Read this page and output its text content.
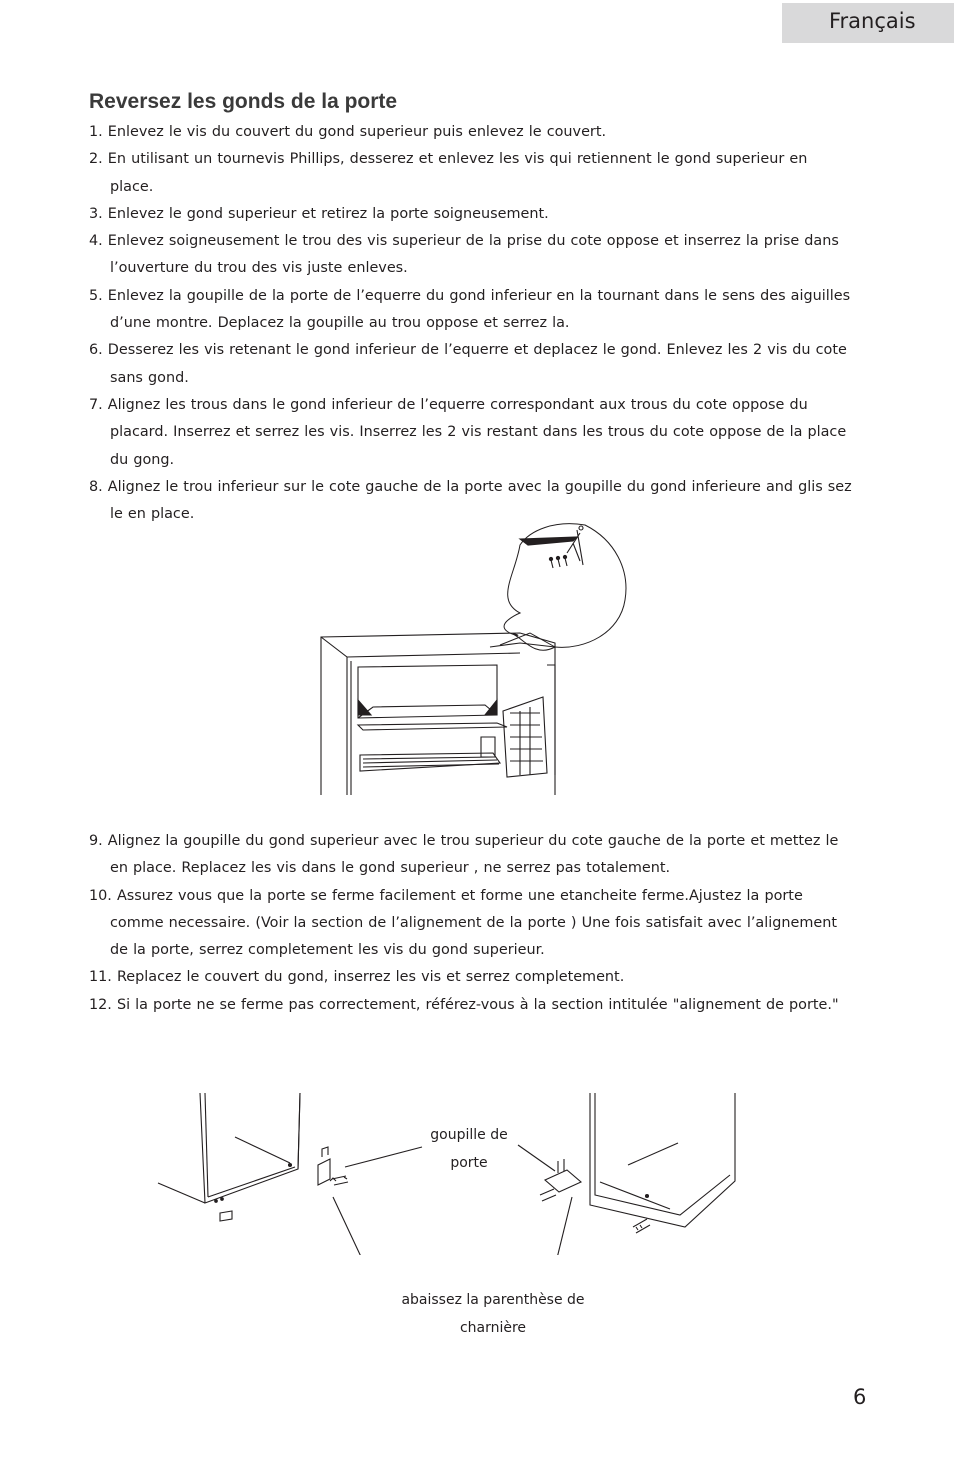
Français
Reversez les gonds de la porte
1. Enlevez le vis du couvert du gond superieur puis enlevez le couvert.
2. En utilisant un tournevis Phillips, desserez et enlevez les vis qui retiennent le gond superieur en place.
3. Enlevez le gond superieur et retirez la porte soigneusement.
4. Enlevez soigneusement le trou des vis superieur de la prise du cote oppose et inserrez la prise dans l’ouverture du trou des vis juste enleves.
5. Enlevez la goupille de la porte de l’equerre du gond inferieur en la tournant dans le sens des aiguilles d’une montre. Deplacez la goupille au trou oppose et serrez la.
6. Desserez les vis retenant le gond inferieur de l’equerre et deplacez le gond. Enlevez les 2 vis du cote sans gond.
7. Alignez les trous dans le gond inferieur de l’equerre correspondant aux trous du cote oppose du placard. Inserrez et serrez les vis. Inserrez les 2 vis restant dans les trous du cote oppose de la place du gong.
8. Alignez le trou inferieur sur le cote gauche de la porte avec la goupille du gond inferieure and glis sez le en place.
9. Alignez la goupille du gond superieur avec le trou superieur du cote gauche de la porte et mettez le en place. Replacez les vis dans le gond superieur , ne serrez pas totalement.
10. Assurez vous que la porte se ferme facilement et forme une etancheite ferme.Ajustez la porte comme necessaire. (Voir la section de l’alignement de la porte ) Une fois satisfait avec l’alignement de la porte, serrez completement les vis du gond superieur.
11. Replacez le couvert du gond, inserrez les vis et serrez completement.
12. Si la porte ne se ferme pas correctement, référez-vous à la section intitulée "alignement de porte."
goupille de
porte
abaissez la parenthèse de
charnière
6
